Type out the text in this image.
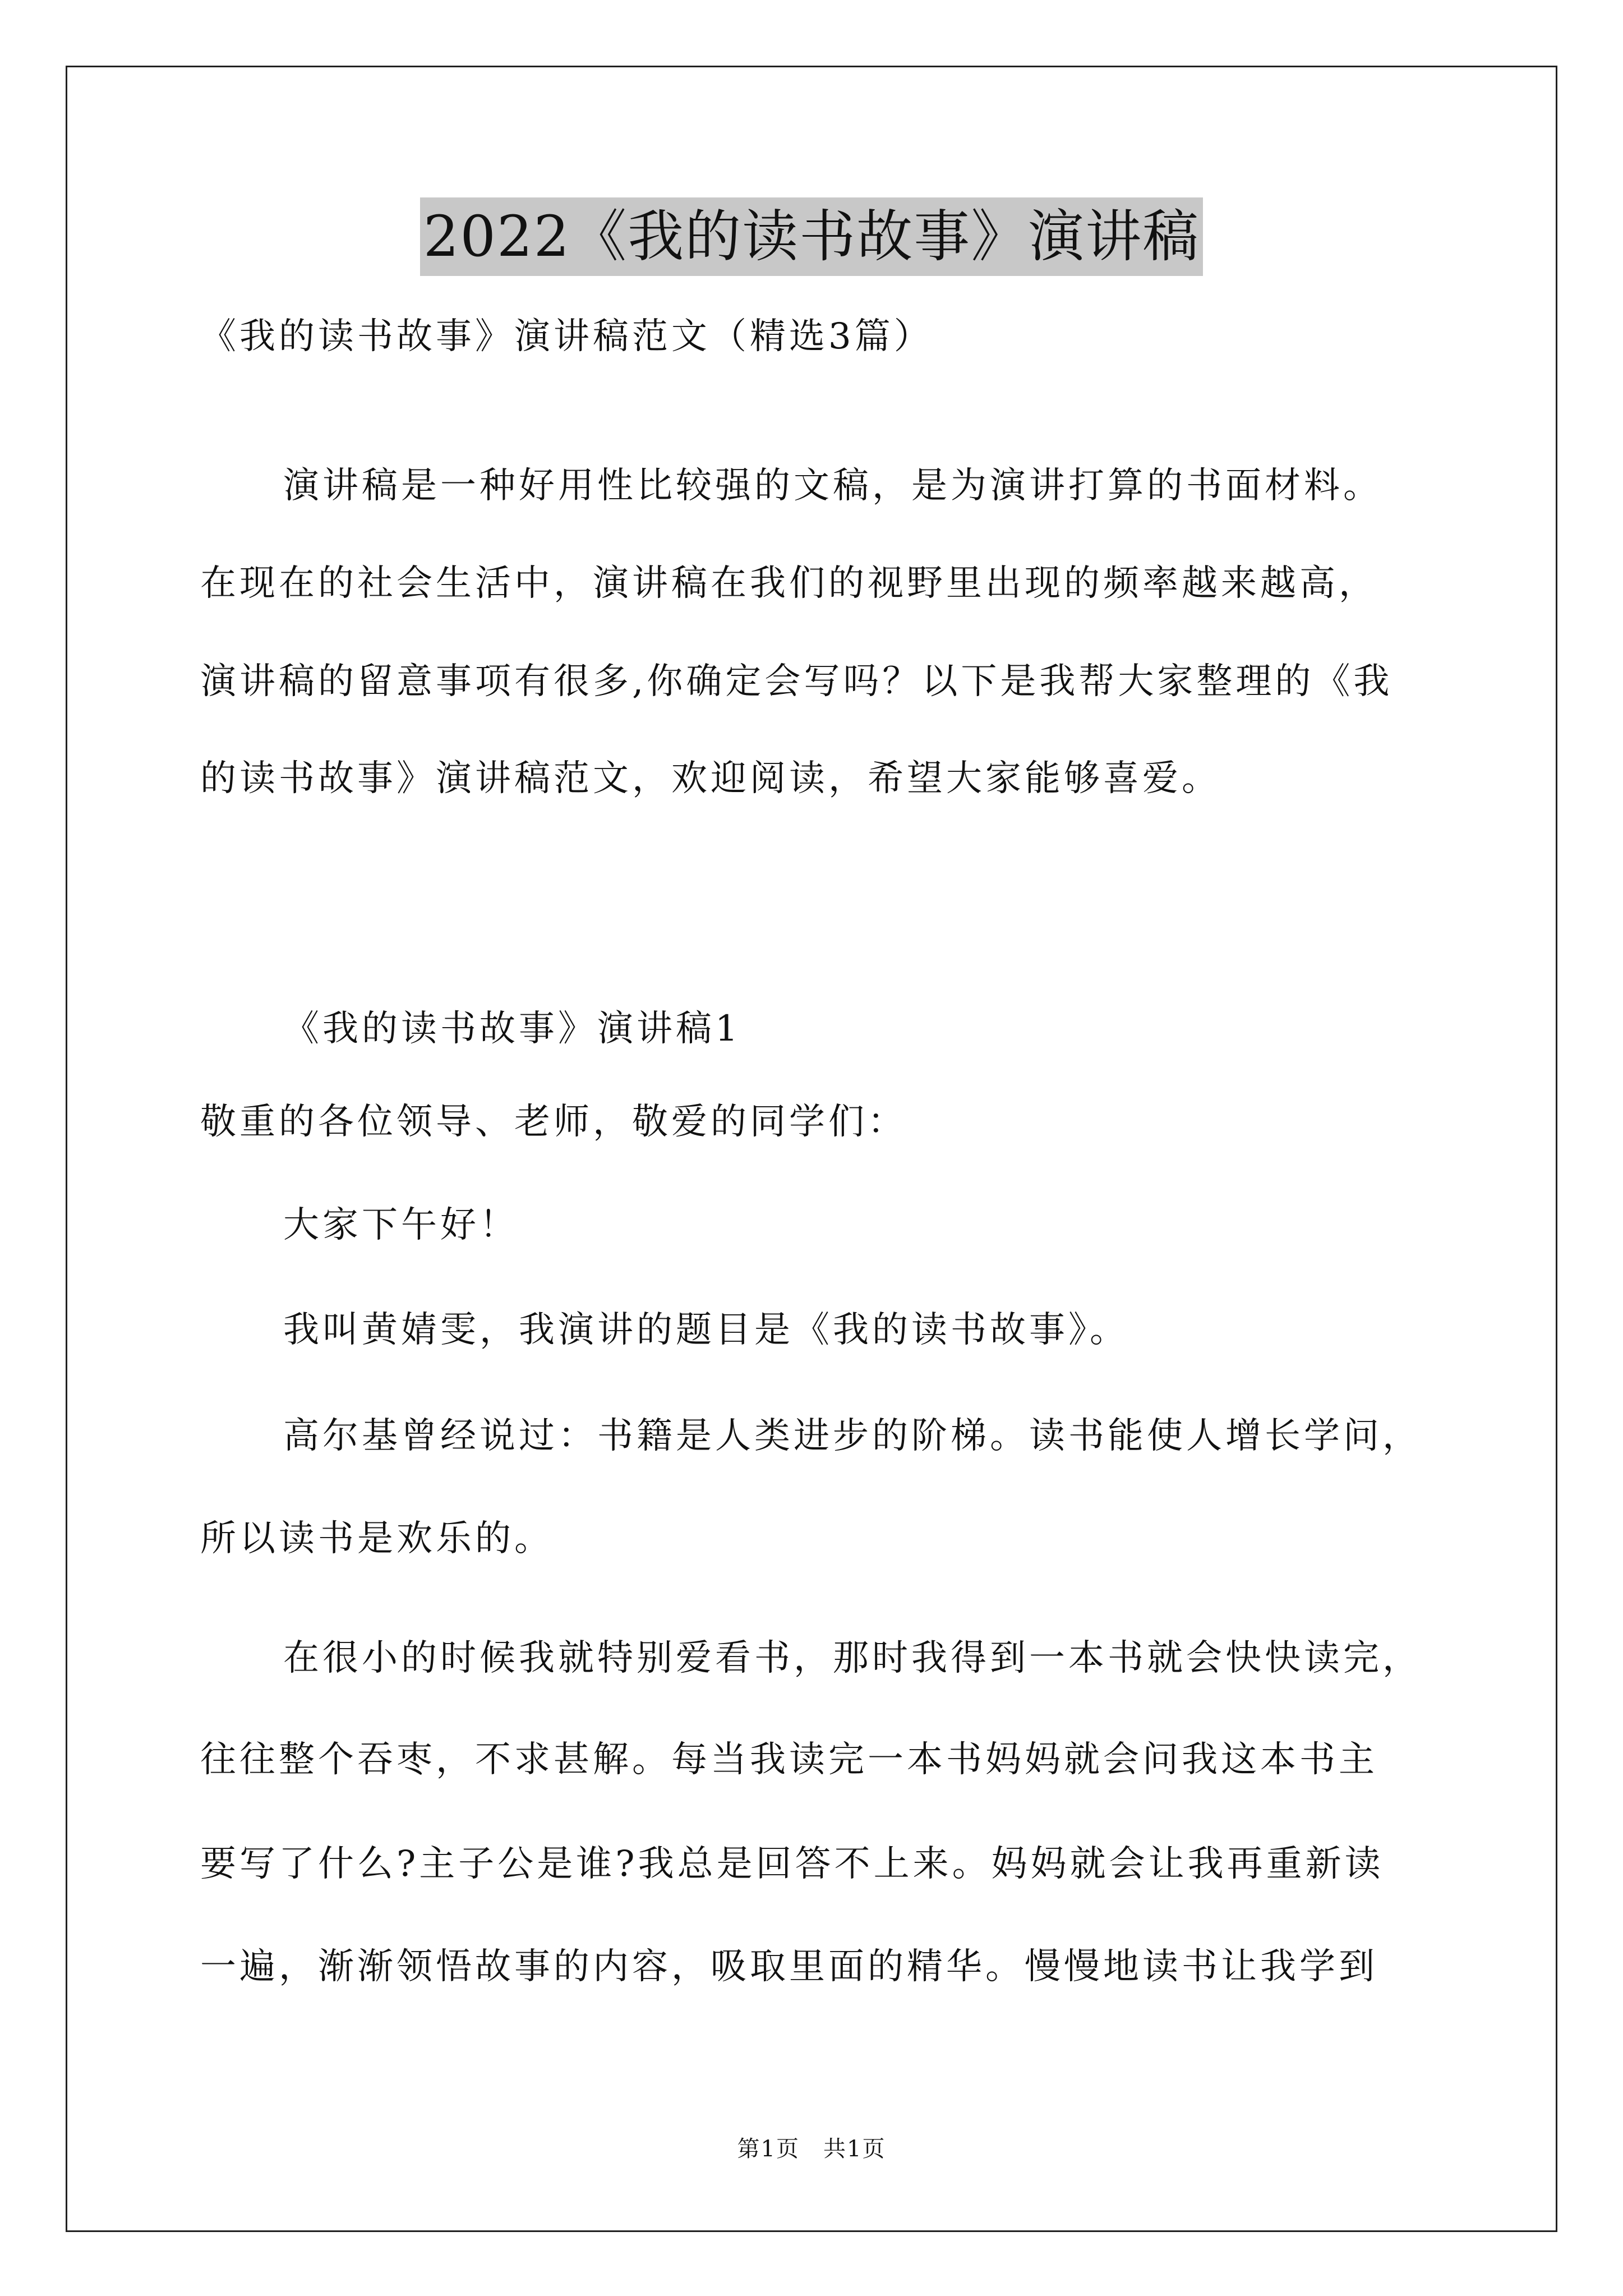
2022《我的读书故事》演讲稿
《我的读书故事》演讲稿范文（精选3篇）
演讲稿是一种好用性比较强的文稿，是为演讲打算的书面材料。
在现在的社会生活中，演讲稿在我们的视野里出现的频率越来越高，
演讲稿的留意事项有很多,你确定会写吗？以下是我帮大家整理的《我
的读书故事》演讲稿范文，欢迎阅读，希望大家能够喜爱。
《我的读书故事》演讲稿1
敬重的各位领导、老师，敬爱的同学们：
大家下午好！
我叫黄婧雯，我演讲的题目是《我的读书故事》。
高尔基曾经说过：书籍是人类进步的阶梯。读书能使人增长学问，
所以读书是欢乐的。
在很小的时候我就特别爱看书，那时我得到一本书就会快快读完，
往往整个吞枣，不求甚解。每当我读完一本书妈妈就会问我这本书主
要写了什么?主子公是谁?我总是回答不上来。妈妈就会让我再重新读
一遍，渐渐领悟故事的内容，吸取里面的精华。慢慢地读书让我学到
第1页　共1页
